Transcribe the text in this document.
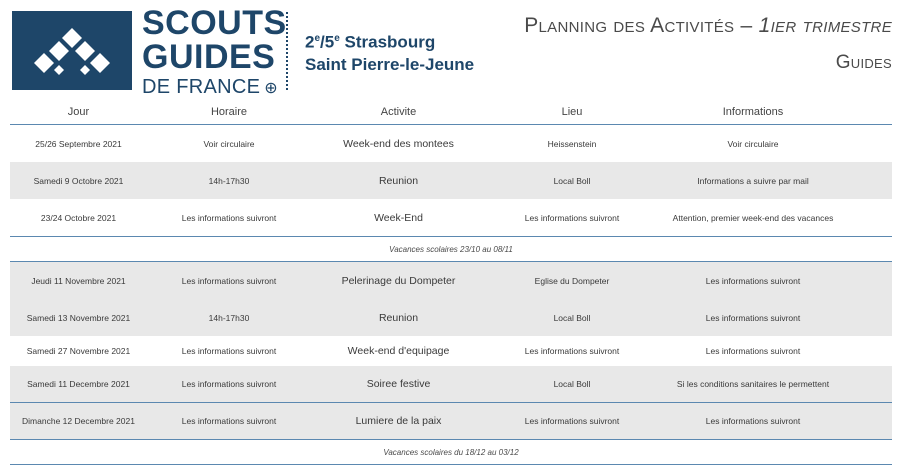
SCOUTS
GUIDES
DE FRANCE ⊕
2e/5e Strasbourg
Saint Pierre-le-Jeune
Planning des Activités – 1ier trimestre
Guides
Jour	Horaire	Activite	Lieu	Informations
25/26 Septembre 2021	Voir circulaire	Week-end des montees	Heissenstein	Voir circulaire
Samedi 9 Octobre 2021	14h-17h30	Reunion	Local Boll	Informations a suivre par mail
23/24 Octobre 2021	Les informations suivront	Week-End	Les informations suivront	Attention, premier week-end des vacances
Vacances scolaires 23/10 au 08/11
Jeudi 11 Novembre 2021	Les informations suivront	Pelerinage du Dompeter	Eglise du Dompeter	Les informations suivront
Samedi 13 Novembre 2021	14h-17h30	Reunion	Local Boll	Les informations suivront
Samedi 27 Novembre 2021	Les informations suivront	Week-end d'equipage	Les informations suivront	Les informations suivront
Samedi 11 Decembre 2021	Les informations suivront	Soiree festive	Local Boll	Si les conditions sanitaires le permettent
Dimanche 12 Decembre 2021	Les informations suivront	Lumiere de la paix	Les informations suivront	Les informations suivront
Vacances scolaires du 18/12 au 03/12
